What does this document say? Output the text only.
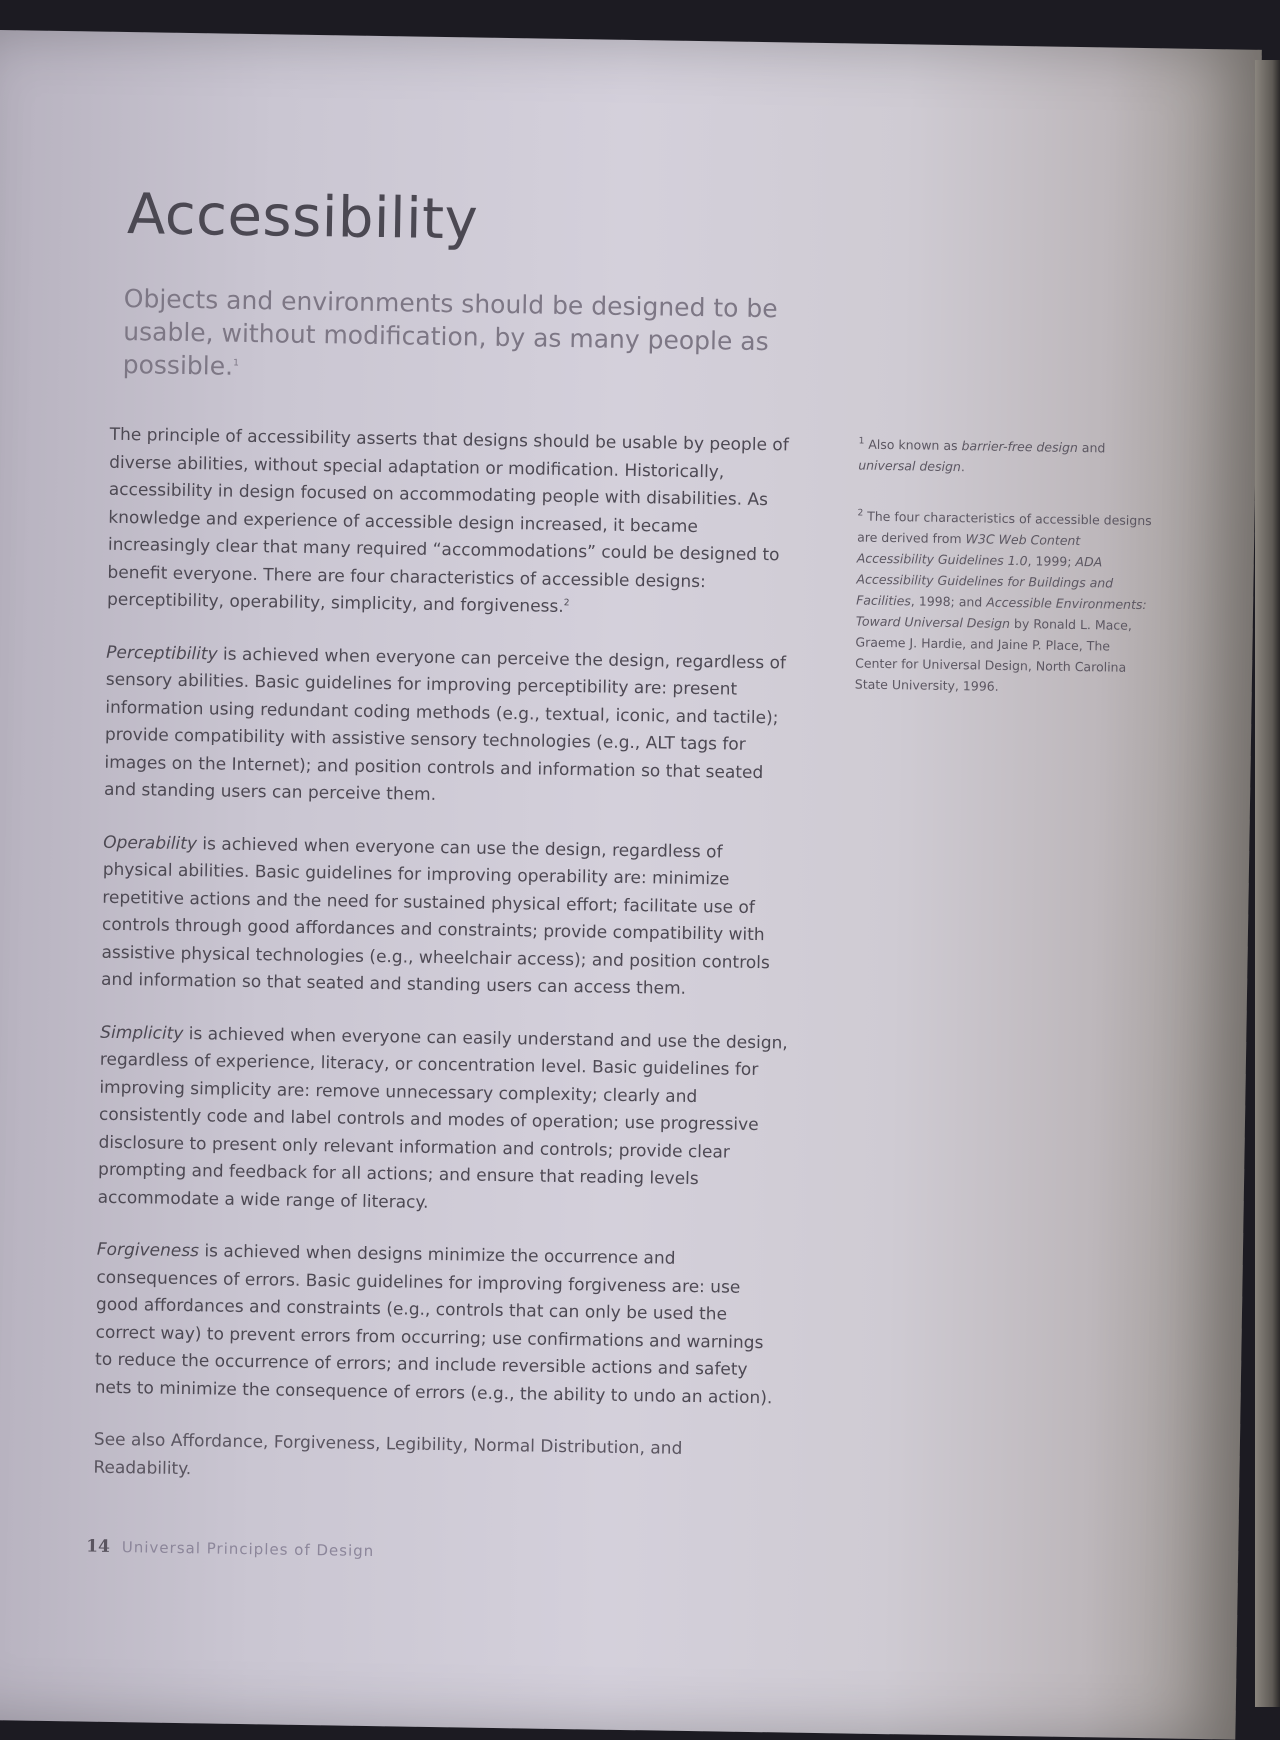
Accessibility
Objects and environments should be designed to be usable, without modification, by as many people as possible.$^1$

The principle of accessibility asserts that designs should be usable by people of diverse abilities, without special adaptation or modification. Historically, accessibility in design focused on accommodating people with disabilities. As knowledge and experience of accessible design increased, it became increasingly clear that many required “accommodations” could be designed to benefit everyone. There are four characteristics of accessible designs: perceptibility, operability, simplicity, and forgiveness.$^2$

Perceptibility is achieved when everyone can perceive the design, regardless of sensory abilities. Basic guidelines for improving perceptibility are: present information using redundant coding methods (e.g., textual, iconic, and tactile); provide compatibility with assistive sensory technologies (e.g., ALT tags for images on the Internet); and position controls and information so that seated and standing users can perceive them.

Operability is achieved when everyone can use the design, regardless of physical abilities. Basic guidelines for improving operability are: minimize repetitive actions and the need for sustained physical effort; facilitate use of controls through good affordances and constraints; provide compatibility with assistive physical technologies (e.g., wheelchair access); and position controls and information so that seated and standing users can access them.

Simplicity is achieved when everyone can easily understand and use the design, regardless of experience, literacy, or concentration level. Basic guidelines for improving simplicity are: remove unnecessary complexity; clearly and consistently code and label controls and modes of operation; use progressive disclosure to present only relevant information and controls; provide clear prompting and feedback for all actions; and ensure that reading levels accommodate a wide range of literacy.

Forgiveness is achieved when designs minimize the occurrence and consequences of errors. Basic guidelines for improving forgiveness are: use good affordances and constraints (e.g., controls that can only be used the correct way) to prevent errors from occurring; use confirmations and warnings to reduce the occurrence of errors; and include reversible actions and safety nets to minimize the consequence of errors (e.g., the ability to undo an action).

See also Affordance, Forgiveness, Legibility, Normal Distribution, and Readability.

$^1$ Also known as barrier-free design and universal design.
$^2$ The four characteristics of accessible designs are derived from W3C Web Content Accessibility Guidelines 1.0, 1999; ADA Accessibility Guidelines for Buildings and Facilities, 1998; and Accessible Environments: Toward Universal Design by Ronald L. Mace, Graeme J. Hardie, and Jaine P. Place, The Center for Universal Design, North Carolina State University, 1996.
14 Universal Principles of Design
